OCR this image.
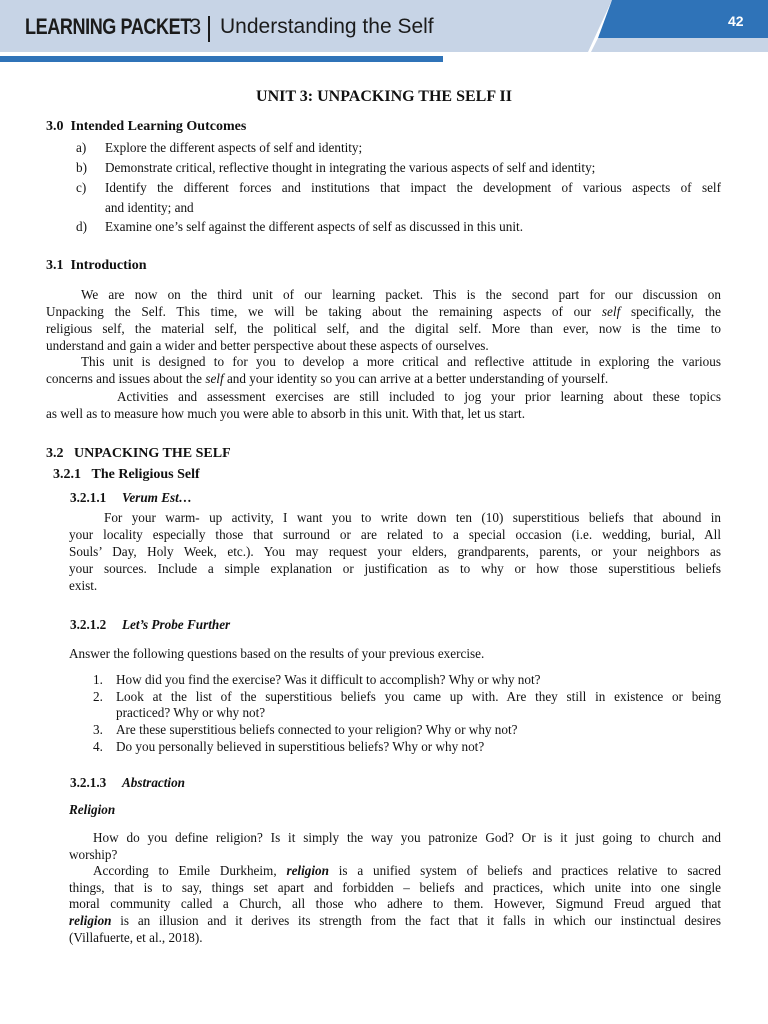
LEARNING PACKET
3 Understanding the Self	42
UNIT 3: UNPACKING THE SELF II
3.0 Intended Learning Outcomes
a) Explore the different aspects of self and identity;
b) Demonstrate critical, reflective thought in integrating the various aspects of self and identity;
c) Identify the different forces and institutions that impact the development of various aspects of self
and identity; and
d) Examine one’s self against the different aspects of self as discussed in this unit.
3.1 Introduction
We are now on the third unit of our learning packet. This is the second part for our discussion on
Unpacking the Self. This time, we will be taking about the remaining aspects of our self specifically, the
religious self, the material self, the political self, and the digital self. More than ever, now is the time to
understand and gain a wider and better perspective about these aspects of ourselves.
This unit is designed to for you to develop a more critical and reflective attitude in exploring the various
concerns and issues about the self and your identity so you can arrive at a better understanding of yourself.
Activities and assessment exercises are still included to jog your prior learning about these topics
as well as to measure how much you were able to absorb in this unit. With that, let us start.
3.2 UNPACKING THE SELF
3.2.1 The Religious Self
3.2.1.1 Verum Est…
For your warm- up activity, I want you to write down ten (10) superstitious beliefs that abound in
your locality especially those that surround or are related to a special occasion (i.e. wedding, burial, All
Souls’ Day, Holy Week, etc.). You may request your elders, grandparents, parents, or your neighbors as
your sources. Include a simple explanation or justification as to why or how those superstitious beliefs
exist.
3.2.1.2 Let’s Probe Further
Answer the following questions based on the results of your previous exercise.
1. How did you find the exercise? Was it difficult to accomplish? Why or why not?
2. Look at the list of the superstitious beliefs you came up with. Are they still in existence or being
practiced? Why or why not?
3. Are these superstitious beliefs connected to your religion? Why or why not?
4. Do you personally believed in superstitious beliefs? Why or why not?
3.2.1.3 Abstraction
Religion
How do you define religion? Is it simply the way you patronize God? Or is it just going to church and
worship?
According to Emile Durkheim, religion is a unified system of beliefs and practices relative to sacred
things, that is to say, things set apart and forbidden – beliefs and practices, which unite into one single
moral community called a Church, all those who adhere to them. However, Sigmund Freud argued that
religion is an illusion and it derives its strength from the fact that it falls in which our instinctual desires
(Villafuerte, et al., 2018).
